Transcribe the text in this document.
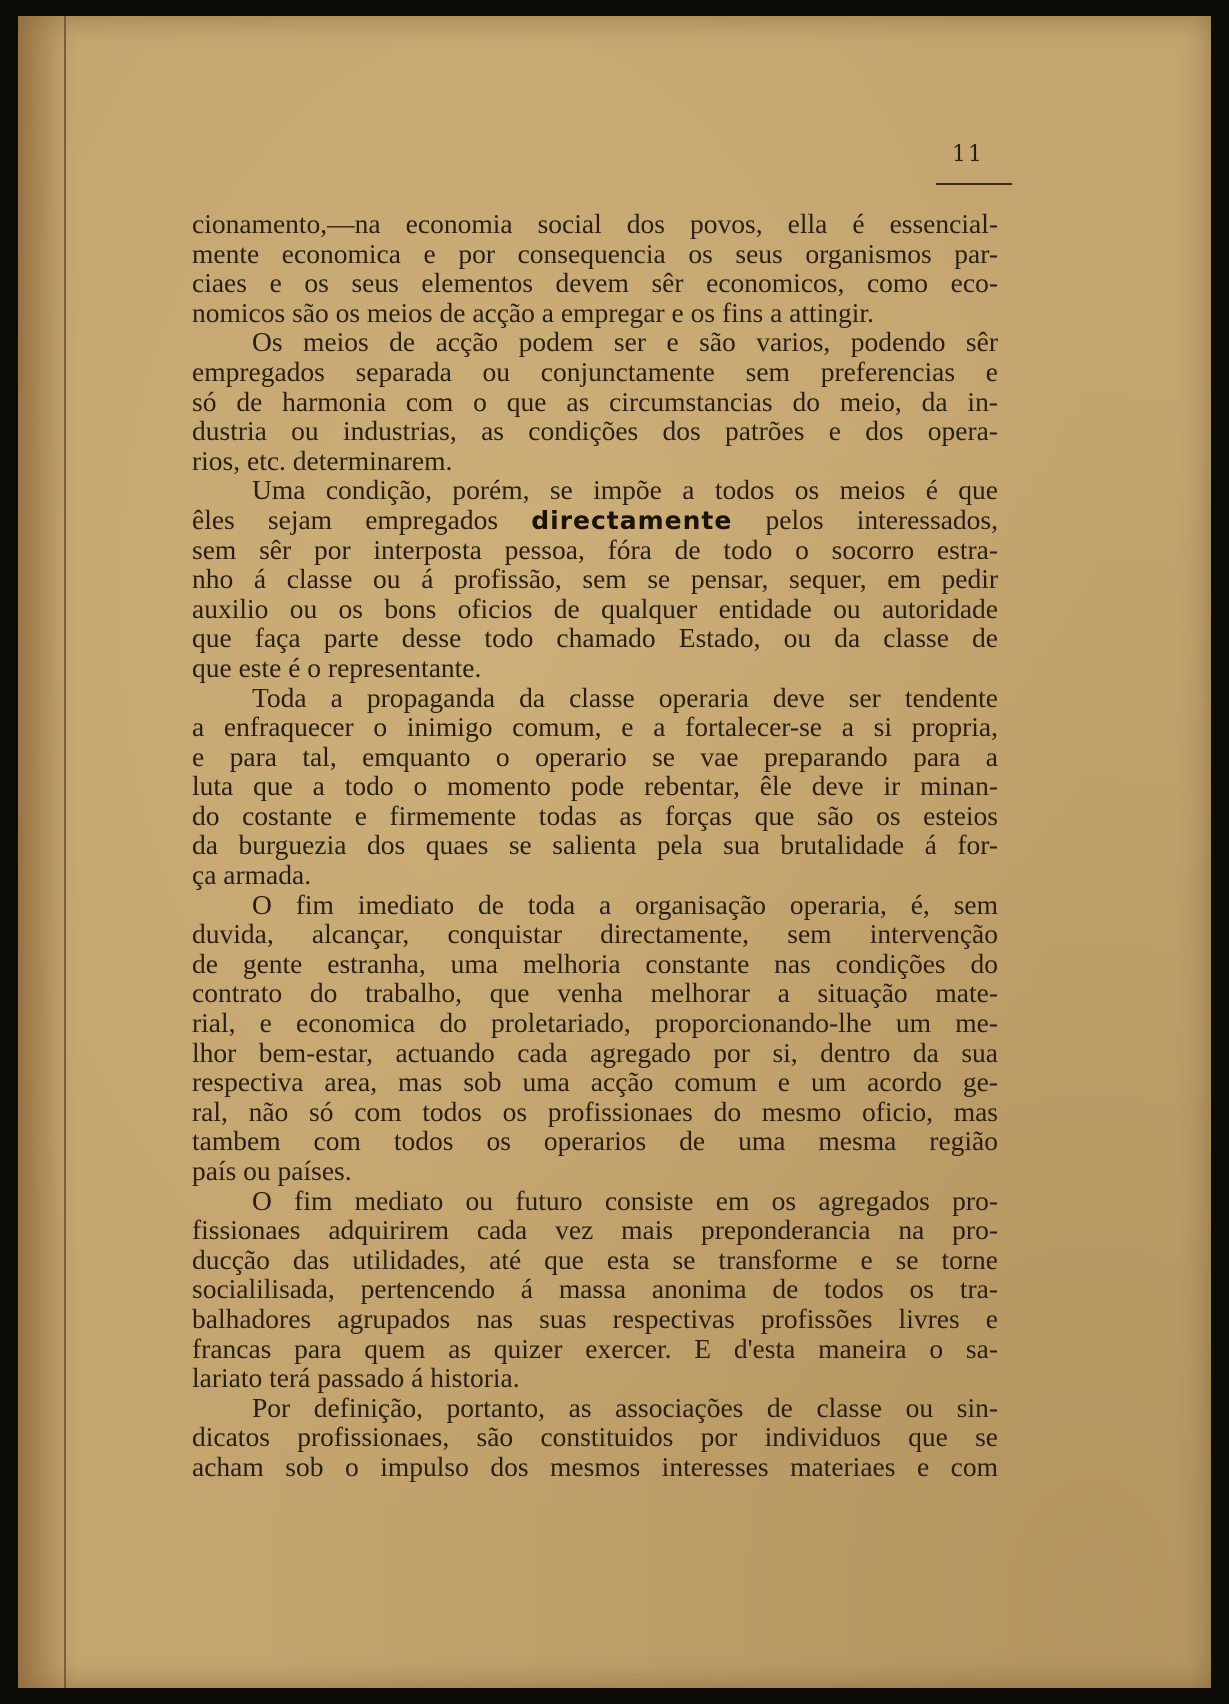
11
cionamento,—na economia social dos povos, ella é essencial-
mente economica e por consequencia os seus organismos par-
ciaes e os seus elementos devem sêr economicos, como eco-
nomicos são os meios de acção a empregar e os fins a attingir.
Os meios de acção podem ser e são varios, podendo sêr
empregados separada ou conjunctamente sem preferencias e
só de harmonia com o que as circumstancias do meio, da in-
dustria ou industrias, as condições dos patrões e dos opera-
rios, etc. determinarem.
Uma condição, porém, se impõe a todos os meios é que
êles sejam empregados directamente pelos interessados,
sem sêr por interposta pessoa, fóra de todo o socorro estra-
nho á classe ou á profissão, sem se pensar, sequer, em pedir
auxilio ou os bons oficios de qualquer entidade ou autoridade
que faça parte desse todo chamado Estado, ou da classe de
que este é o representante.
Toda a propaganda da classe operaria deve ser tendente
a enfraquecer o inimigo comum, e a fortalecer-se a si propria,
e para tal, emquanto o operario se vae preparando para a
luta que a todo o momento pode rebentar, êle deve ir minan-
do costante e firmemente todas as forças que são os esteios
da burguezia dos quaes se salienta pela sua brutalidade á for-
ça armada.
O fim imediato de toda a organisação operaria, é, sem
duvida, alcançar, conquistar directamente, sem intervenção
de gente estranha, uma melhoria constante nas condições do
contrato do trabalho, que venha melhorar a situação mate-
rial, e economica do proletariado, proporcionando-lhe um me-
lhor bem-estar, actuando cada agregado por si, dentro da sua
respectiva area, mas sob uma acção comum e um acordo ge-
ral, não só com todos os profissionaes do mesmo oficio, mas
tambem com todos os operarios de uma mesma região
país ou países.
O fim mediato ou futuro consiste em os agregados pro-
fissionaes adquirirem cada vez mais preponderancia na pro-
ducção das utilidades, até que esta se transforme e se torne
socialilisada, pertencendo á massa anonima de todos os tra-
balhadores agrupados nas suas respectivas profissões livres e
francas para quem as quizer exercer. E d'esta maneira o sa-
lariato terá passado á historia.
Por definição, portanto, as associações de classe ou sin-
dicatos profissionaes, são constituidos por individuos que se
acham sob o impulso dos mesmos interesses materiaes e com
